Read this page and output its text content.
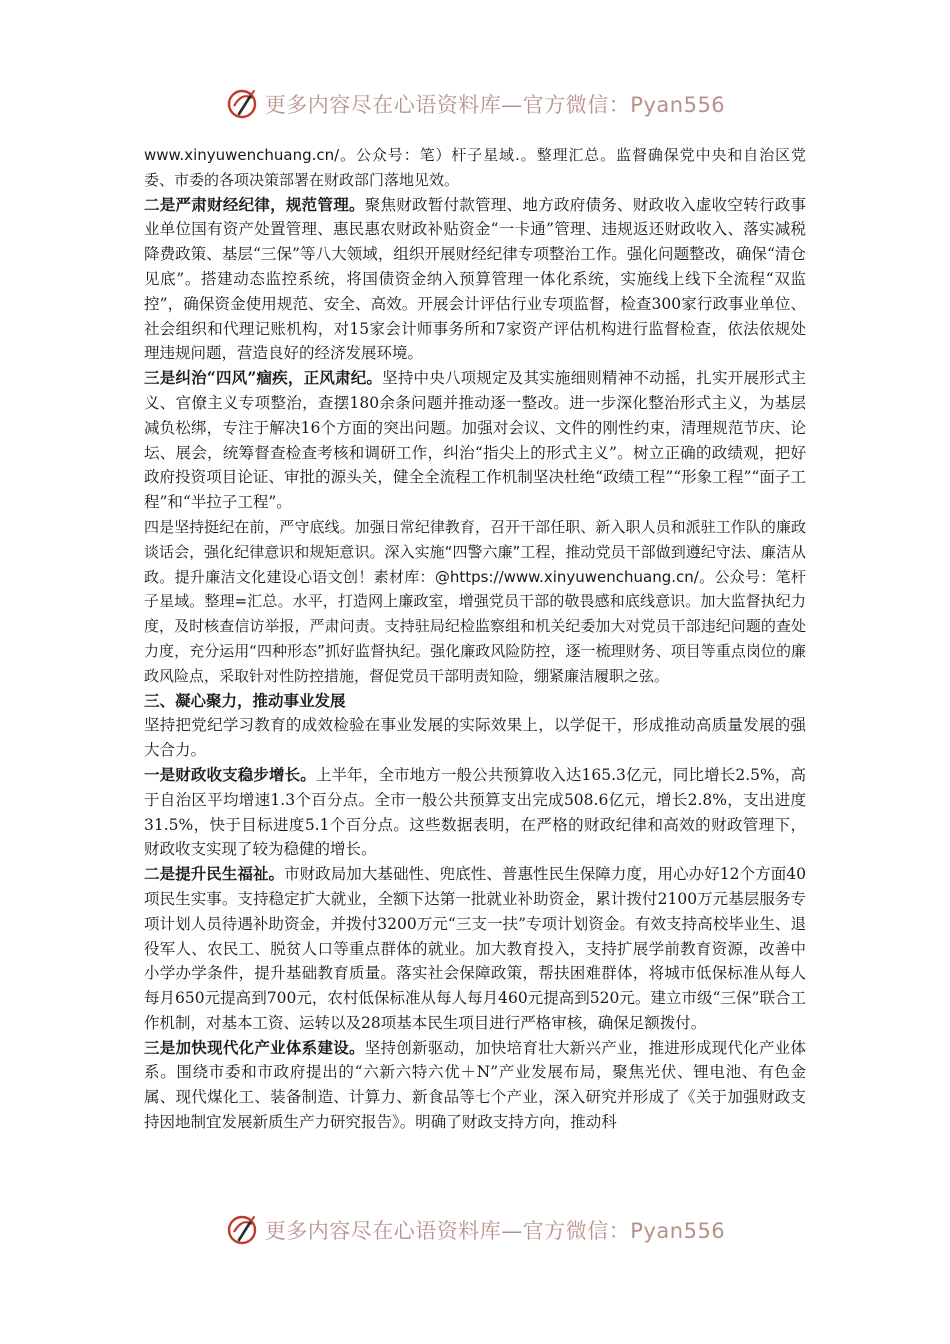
更多内容尽在心语资料库—官方微信：Pyan556

www.xinyuwenchuang.cn/。公众号：笔）杆子星域.。整理汇总。监督确保党中央和自治区党委、市委的各项决策部署在财政部门落地见效。

二是严肃财经纪律，规范管理。聚焦财政暂付款管理、地方政府债务、财政收入虚收空转行政事业单位国有资产处置管理、惠民惠农财政补贴资金“一卡通”管理、违规返还财政收入、落实减税降费政策、基层“三保”等八大领域，组织开展财经纪律专项整治工作。强化问题整改，确保“清仓见底”。搭建动态监控系统，将国债资金纳入预算管理一体化系统，实施线上线下全流程“双监控”，确保资金使用规范、安全、高效。开展会计评估行业专项监督，检查300家行政事业单位、社会组织和代理记账机构，对15家会计师事务所和7家资产评估机构进行监督检查，依法依规处理违规问题，营造良好的经济发展环境。

三是纠治“四风”痼疾，正风肃纪。坚持中央八项规定及其实施细则精神不动摇，扎实开展形式主义、官僚主义专项整治，查摆180余条问题并推动逐一整改。进一步深化整治形式主义，为基层减负松绑，专注于解决16个方面的突出问题。加强对会议、文件的刚性约束，清理规范节庆、论坛、展会，统筹督查检查考核和调研工作，纠治“指尖上的形式主义”。树立正确的政绩观，把好政府投资项目论证、审批的源头关，健全全流程工作机制坚决杜绝“政绩工程”“形象工程”“面子工程”和“半拉子工程”。

四是坚持挺纪在前，严守底线。加强日常纪律教育，召开干部任职、新入职人员和派驻工作队的廉政谈话会，强化纪律意识和规矩意识。深入实施“四警六廉”工程，推动党员干部做到遵纪守法、廉洁从政。提升廉洁文化建设心语文创！素材库：@https://www.xinyuwenchuang.cn/。公众号：笔杆子星域。整理=汇总。水平，打造网上廉政室，增强党员干部的敬畏感和底线意识。加大监督执纪力度，及时核查信访举报，严肃问责。支持驻局纪检监察组和机关纪委加大对党员干部违纪问题的查处力度，充分运用“四种形态”抓好监督执纪。强化廉政风险防控，逐一梳理财务、项目等重点岗位的廉政风险点，采取针对性防控措施，督促党员干部明责知险，绷紧廉洁履职之弦。

三、凝心聚力，推动事业发展

坚持把党纪学习教育的成效检验在事业发展的实际效果上，以学促干，形成推动高质量发展的强大合力。

一是财政收支稳步增长。上半年，全市地方一般公共预算收入达165.3亿元，同比增长2.5%，高于自治区平均增速1.3个百分点。全市一般公共预算支出完成508.6亿元，增长2.8%，支出进度31.5%，快于目标进度5.1个百分点。这些数据表明，在严格的财政纪律和高效的财政管理下，财政收支实现了较为稳健的增长。

二是提升民生福祉。市财政局加大基础性、兜底性、普惠性民生保障力度，用心办好12个方面40项民生实事。支持稳定扩大就业，全额下达第一批就业补助资金，累计拨付2100万元基层服务专项计划人员待遇补助资金，并拨付3200万元“三支一扶”专项计划资金。有效支持高校毕业生、退役军人、农民工、脱贫人口等重点群体的就业。加大教育投入，支持扩展学前教育资源，改善中小学办学条件，提升基础教育质量。落实社会保障政策，帮扶困难群体，将城市低保标准从每人每月650元提高到700元，农村低保标准从每人每月460元提高到520元。建立市级“三保”联合工作机制，对基本工资、运转以及28项基本民生项目进行严格审核，确保足额拨付。

三是加快现代化产业体系建设。坚持创新驱动，加快培育壮大新兴产业，推进形成现代化产业体系。围绕市委和市政府提出的“六新六特六优＋N”产业发展布局，聚焦光伏、锂电池、有色金属、现代煤化工、装备制造、计算力、新食品等七个产业，深入研究并形成了《关于加强财政支持因地制宜发展新质生产力研究报告》。明确了财政支持方向，推动科

更多内容尽在心语资料库—官方微信：Pyan556
